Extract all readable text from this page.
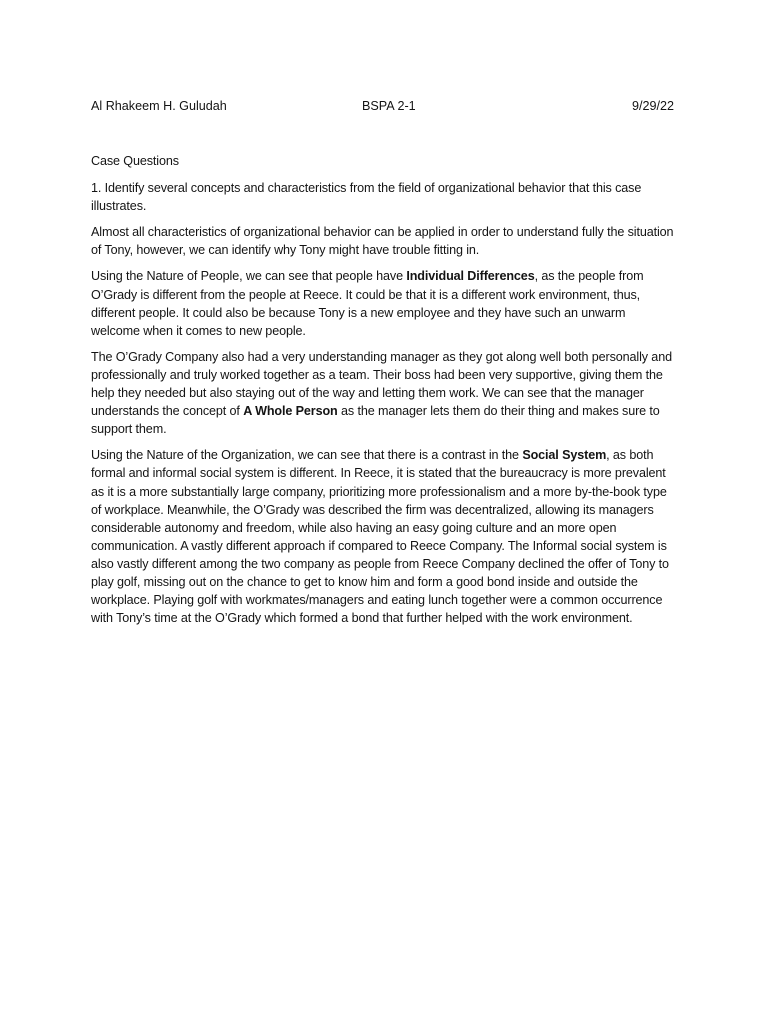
Al Rhakeem H. Guludah	BSPA 2-1	9/29/22

Case Questions

1. Identify several concepts and characteristics from the field of organizational behavior that this case illustrates.

Almost all characteristics of organizational behavior can be applied in order to understand fully the situation of Tony, however, we can identify why Tony might have trouble fitting in.

Using the Nature of People, we can see that people have Individual Differences, as the people from O’Grady is different from the people at Reece. It could be that it is a different work environment, thus, different people. It could also be because Tony is a new employee and they have such an unwarm welcome when it comes to new people.

The O’Grady Company also had a very understanding manager as they got along well both personally and professionally and truly worked together as a team. Their boss had been very supportive, giving them the help they needed but also staying out of the way and letting them work. We can see that the manager understands the concept of A Whole Person as the manager lets them do their thing and makes sure to support them.

Using the Nature of the Organization, we can see that there is a contrast in the Social System, as both formal and informal social system is different. In Reece, it is stated that the bureaucracy is more prevalent as it is a more substantially large company, prioritizing more professionalism and a more by-the-book type of workplace. Meanwhile, the O’Grady was described the firm was decentralized, allowing its managers considerable autonomy and freedom, while also having an easy going culture and an more open communication. A vastly different approach if compared to Reece Company. The Informal social system is also vastly different among the two company as people from Reece Company declined the offer of Tony to play golf, missing out on the chance to get to know him and form a good bond inside and outside the workplace. Playing golf with workmates/managers and eating lunch together were a common occurrence with Tony’s time at the O’Grady which formed a bond that further helped with the work environment.
